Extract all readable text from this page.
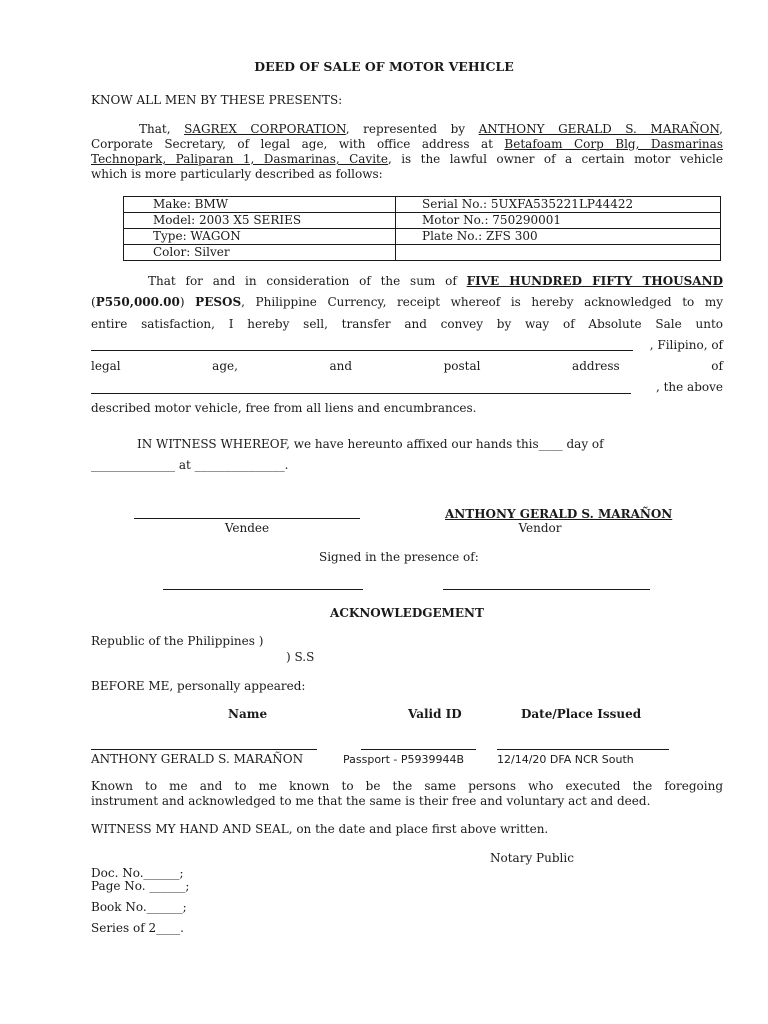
DEED OF SALE OF MOTOR VEHICLE
KNOW ALL MEN BY THESE PRESENTS:
That, SAGREX CORPORATION, represented by ANTHONY GERALD S. MARAÑON,
Corporate Secretary, of legal age, with office address at Betafoam Corp Blg, Dasmarinas
Technopark, Paliparan 1, Dasmarinas, Cavite, is the lawful owner of a certain motor vehicle
which is more particularly described as follows:
Make: BMW	Serial No.: 5UXFA535221LP44422
Model: 2003 X5 SERIES	Motor No.: 750290001
Type: WAGON	Plate No.: ZFS 300
Color: Silver
That for and in consideration of the sum of FIVE HUNDRED FIFTY THOUSAND
(P550,000.00) PESOS, Philippine Currency, receipt whereof is hereby acknowledged to my
entire satisfaction, I hereby sell, transfer and convey by way of Absolute Sale unto
, Filipino, of
legal	age,	and	postal	address	of
, the above
described motor vehicle, free from all liens and encumbrances.
IN WITNESS WHEREOF, we have hereunto affixed our hands this____ day of
______________ at _______________.
Vendee
ANTHONY GERALD S. MARAÑON
Vendor
Signed in the presence of:
ACKNOWLEDGEMENT
Republic of the Philippines )
) S.S
BEFORE ME, personally appeared:
Name	Valid ID	Date/Place Issued
ANTHONY GERALD S. MARAÑON	Passport - P5939944B	12/14/20 DFA NCR South
Known to me and to me known to be the same persons who executed the foregoing
instrument and acknowledged to me that the same is their free and voluntary act and deed.
WITNESS MY HAND AND SEAL, on the date and place first above written.
Notary Public
Doc. No.______;
Page No. ______;
Book No.______;
Series of 2____.
